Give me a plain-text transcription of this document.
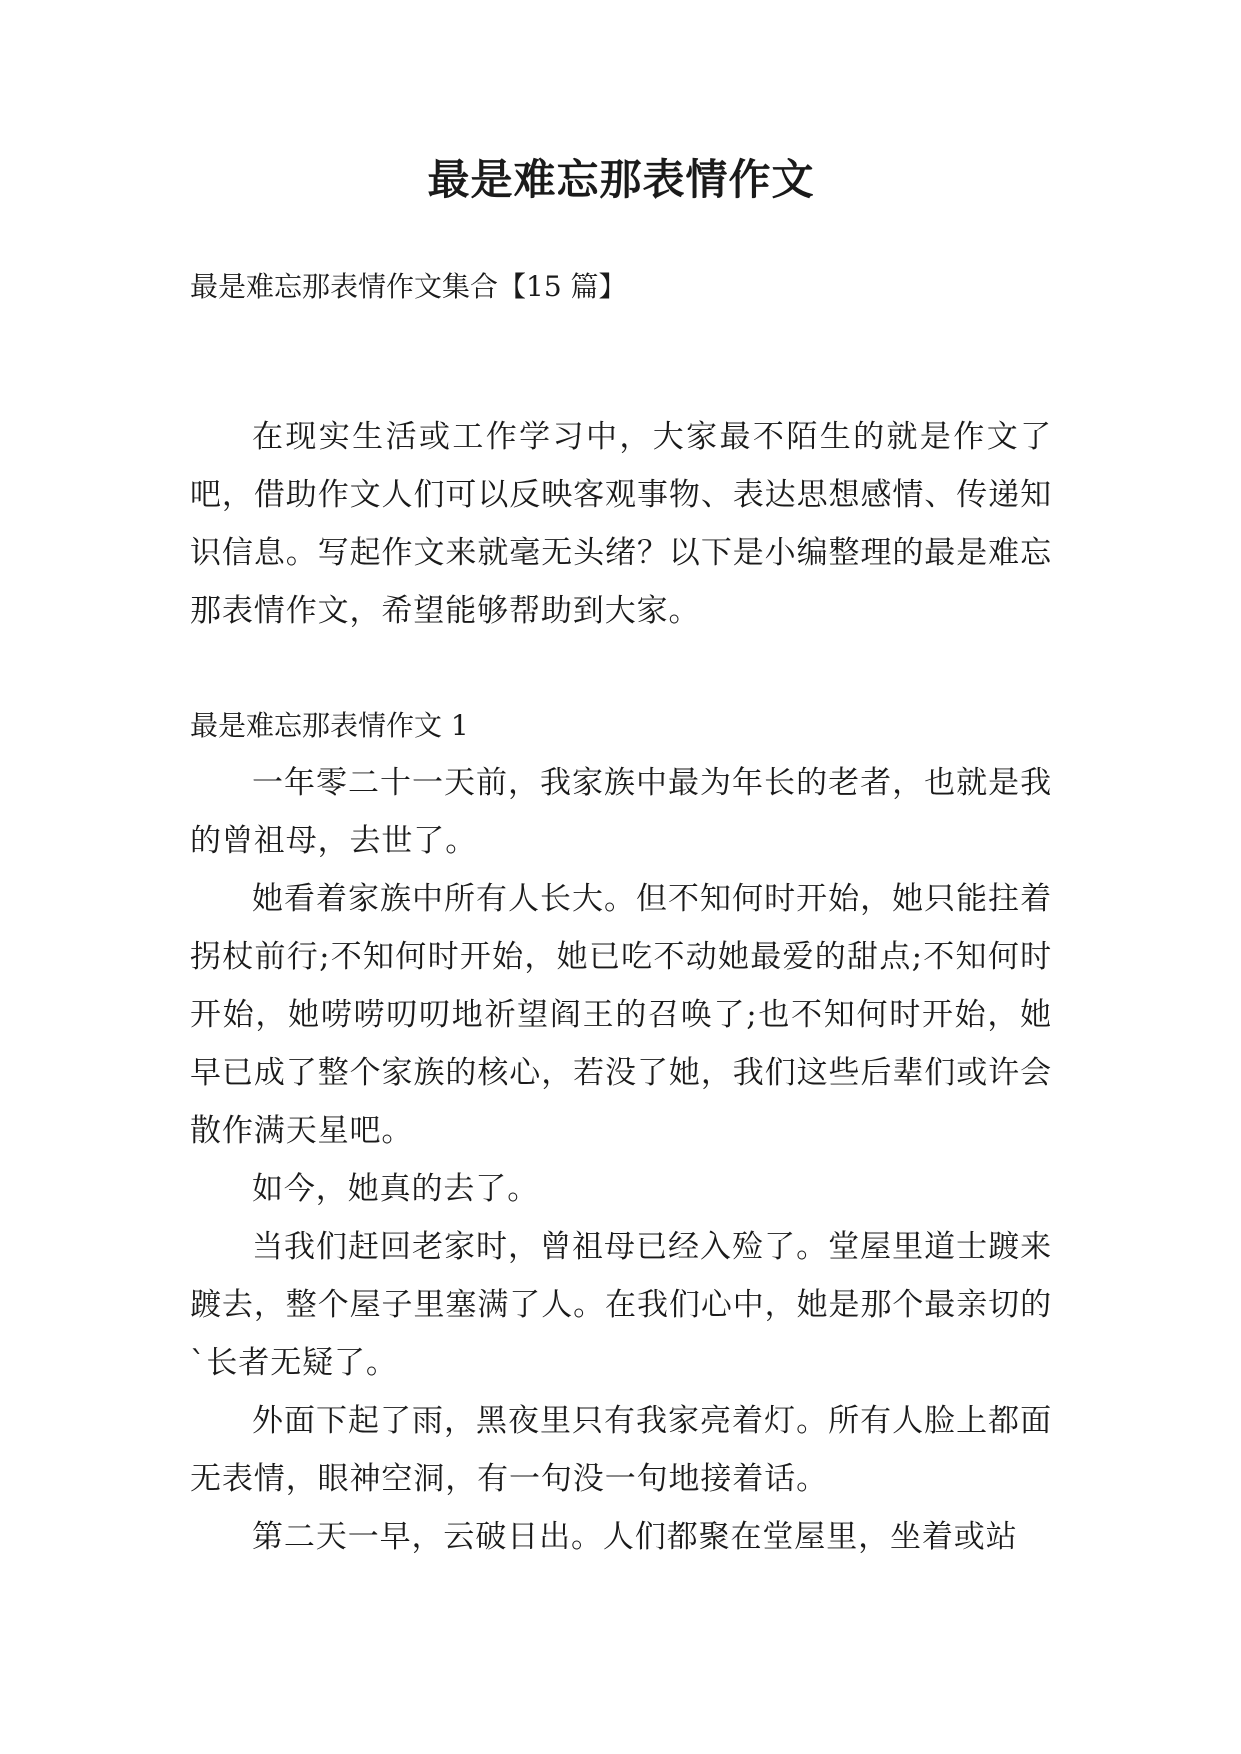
最是难忘那表情作文

最是难忘那表情作文集合【15 篇】

在现实生活或工作学习中，大家最不陌生的就是作文了吧，借助作文人们可以反映客观事物、表达思想感情、传递知识信息。写起作文来就毫无头绪？以下是小编整理的最是难忘那表情作文，希望能够帮助到大家。

最是难忘那表情作文 1

一年零二十一天前，我家族中最为年长的老者，也就是我的曾祖母，去世了。

她看着家族中所有人长大。但不知何时开始，她只能拄着拐杖前行;不知何时开始，她已吃不动她最爱的甜点;不知何时开始，她唠唠叨叨地祈望阎王的召唤了;也不知何时开始，她早已成了整个家族的核心，若没了她，我们这些后辈们或许会散作满天星吧。

如今，她真的去了。

当我们赶回老家时，曾祖母已经入殓了。堂屋里道士踱来踱去，整个屋子里塞满了人。在我们心中，她是那个最亲切的`长者无疑了。

外面下起了雨，黑夜里只有我家亮着灯。所有人脸上都面无表情，眼神空洞，有一句没一句地接着话。

第二天一早，云破日出。人们都聚在堂屋里，坐着或站
